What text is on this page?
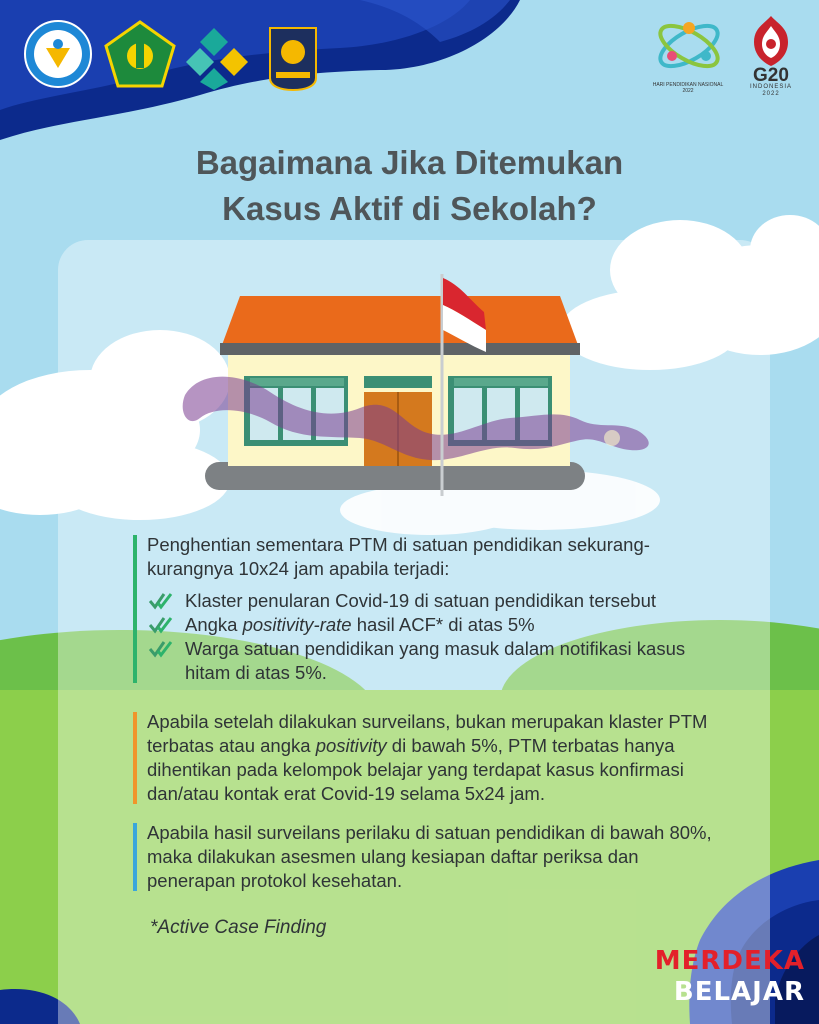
HARI PENDIDIKAN NASIONAL
2022
G20
INDONESIA
2022
Bagaimana Jika Ditemukan
Kasus Aktif di Sekolah?
Penghentian sementara PTM di satuan pendidikan sekurang-kurangnya 10x24 jam apabila terjadi:
Klaster penularan Covid-19 di satuan pendidikan tersebut
Angka positivity-rate hasil ACF* di atas 5%
Warga satuan pendidikan yang masuk dalam notifikasi kasus hitam di atas 5%.
Apabila setelah dilakukan surveilans, bukan merupakan klaster PTM terbatas atau angka positivity di bawah 5%, PTM terbatas hanya dihentikan pada kelompok belajar yang terdapat kasus konfirmasi dan/atau kontak erat Covid-19 selama 5x24 jam.
Apabila hasil surveilans perilaku di satuan pendidikan di bawah 80%, maka dilakukan asesmen ulang kesiapan daftar periksa dan penerapan protokol kesehatan.
*Active Case Finding
MERDEKA
BELAJAR
